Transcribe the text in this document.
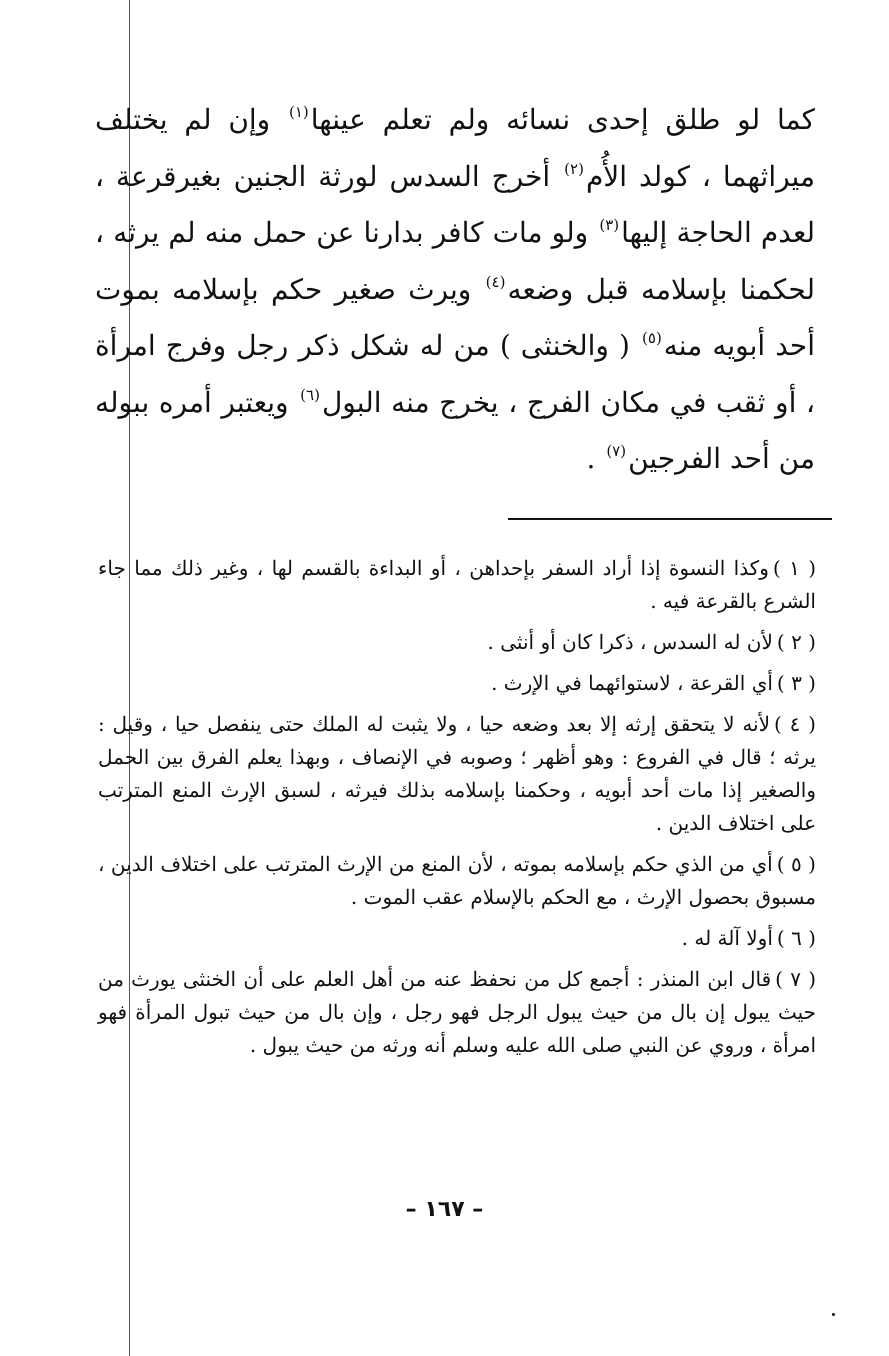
كما لو طلق إحدى نسائه ولم تعلم عينها$^{(١)}$ وإن لم يختلف ميراثهما ، كولد الأُم$^{(٢)}$ أخرج السدس لورثة الجنين بغيرقرعة ، لعدم الحاجة إليها$^{(٣)}$ ولو مات كافر بدارنا عن حمل منه لم يرثه ، لحكمنا بإسلامه قبل وضعه$^{(٤)}$ ويرث صغير حكم بإسلامه بموت أحد أبويه منه$^{(٥)}$ ( والخنثى ) من له شكل ذكر رجل وفرج امرأة ، أو ثقب في مكان الفرج ، يخرج منه البول$^{(٦)}$ ويعتبر أمره ببوله من أحد الفرجين$^{(٧)}$ .

( ١ )وكذا النسوة إذا أراد السفر بإحداهن ، أو البداءة بالقسم لها ، وغير ذلك مما جاء الشرع بالقرعة فيه .

( ٢ )لأن له السدس ، ذكرا كان أو أنثى .

( ٣ )أي القرعة ، لاستوائهما في الإرث .

( ٤ )لأنه لا يتحقق إرثه إلا بعد وضعه حيا ، ولا يثبت له الملك حتى ينفصل حيا ، وقيل : يرثه ؛ قال في الفروع : وهو أظهر ؛ وصوبه في الإنصاف ، وبهذا يعلم الفرق بين الحمل والصغير إذا مات أحد أبويه ، وحكمنا بإسلامه بذلك فيرثه ، لسبق الإرث المنع المترتب على اختلاف الدين .

( ٥ )أي من الذي حكم بإسلامه بموته ، لأن المنع من الإرث المترتب على اختلاف الدين ، مسبوق بحصول الإرث ، مع الحكم بالإسلام عقب الموت .

( ٦ )أولا آلة له .

( ٧ )قال ابن المنذر : أجمع كل من نحفظ عنه من أهل العلم على أن الخنثى يورث من حيث يبول إن بال من حيث يبول الرجل فهو رجل ، وإن بال من حيث تبول المرأة فهو امرأة ، وروي عن النبي صلى الله عليه وسلم أنه ورثه من حيث يبول .

– ١٦٧ –
